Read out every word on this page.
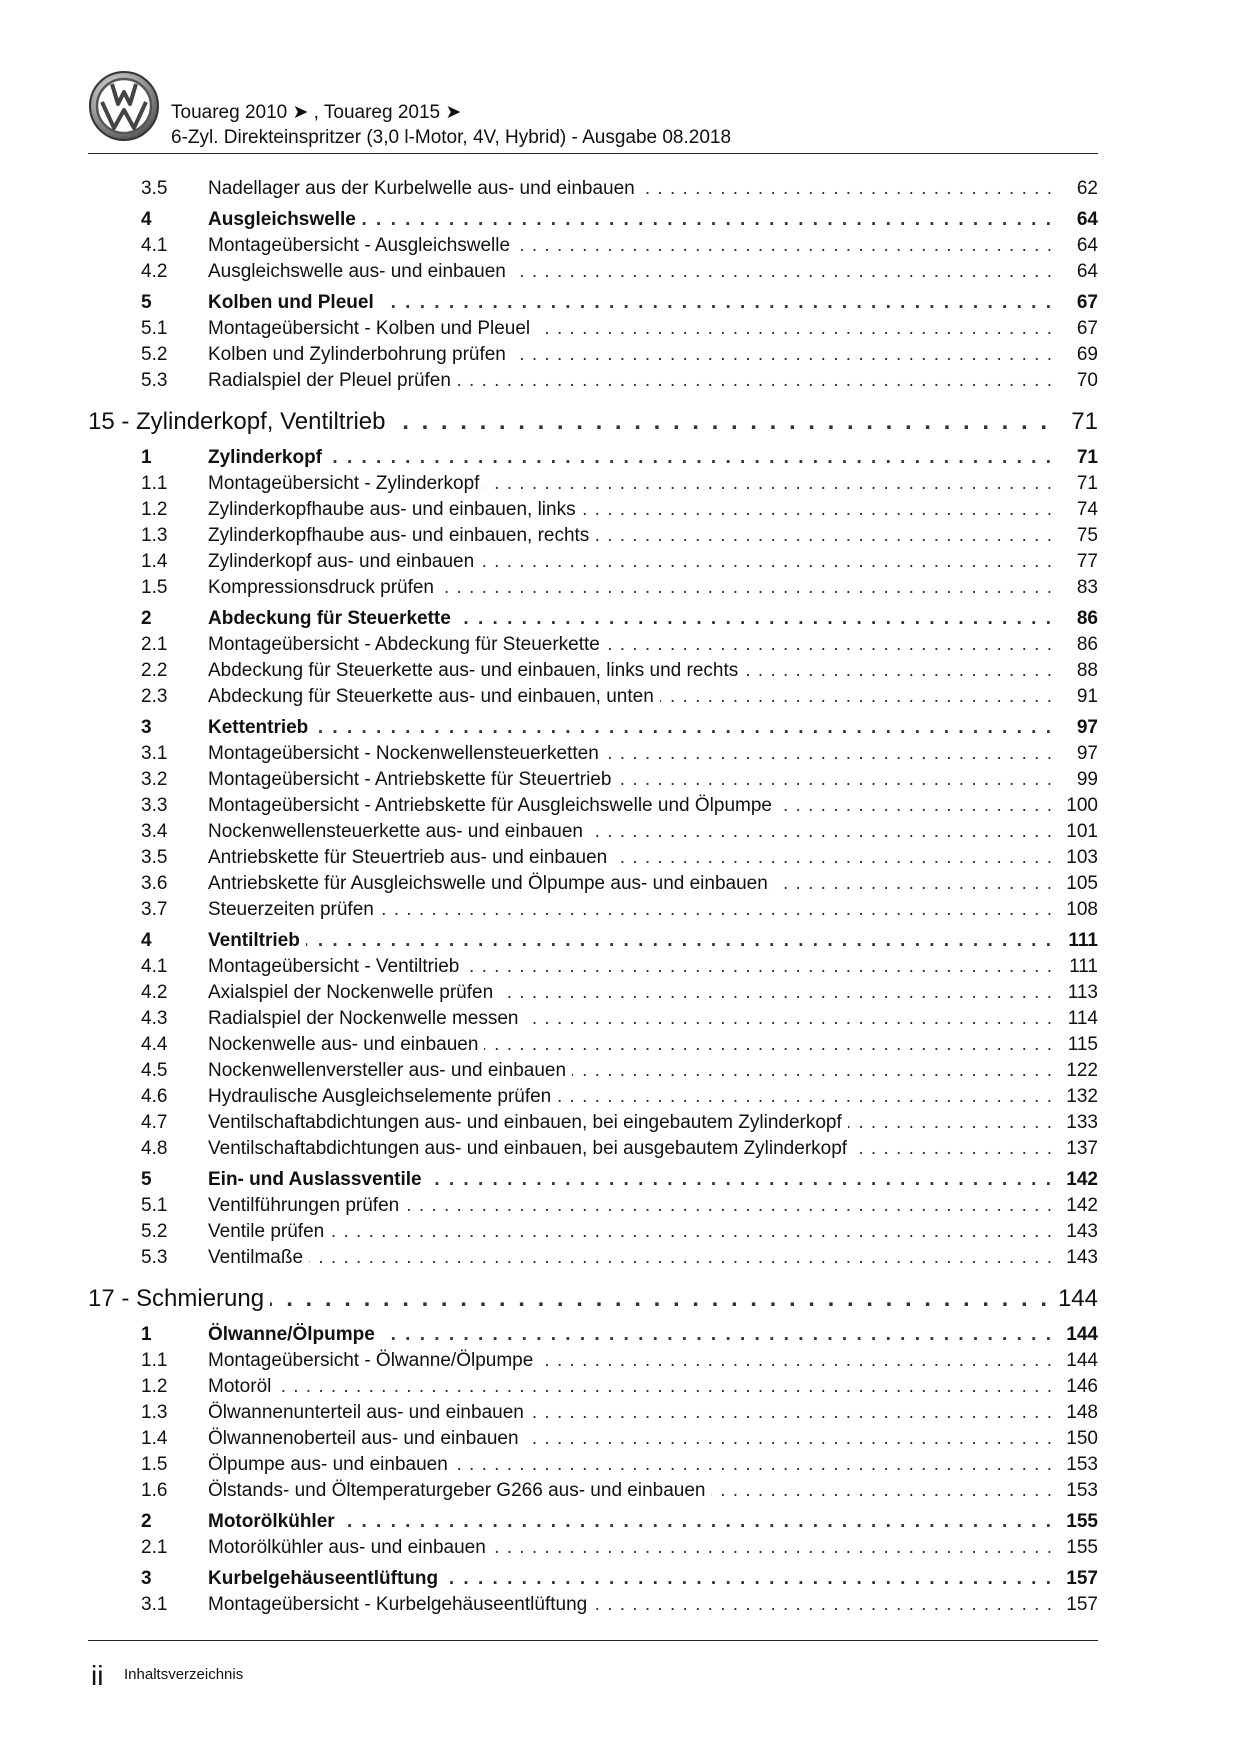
Touareg 2010 ➤ , Touareg 2015 ➤
6-Zyl. Direkteinspritzer (3,0 l-Motor, 4V, Hybrid) - Ausgabe 08.2018
3.5 Nadellager aus der Kurbelwelle aus- und einbauen . . .	62
4	Ausgleichswelle . . .	64
4.1 Montageübersicht - Ausgleichswelle . . .	64
4.2 Ausgleichswelle aus- und einbauen . . .	64
5	Kolben und Pleuel . . .	67
5.1 Montageübersicht - Kolben und Pleuel . . .	67
5.2 Kolben und Zylinderbohrung prüfen . . .	69
5.3 Radialspiel der Pleuel prüfen . . .	70
15 - Zylinderkopf, Ventiltrieb . . .	71
1	Zylinderkopf . . .	71
1.1 Montageübersicht - Zylinderkopf . . .	71
1.2 Zylinderkopfhaube aus- und einbauen, links . . .	74
1.3 Zylinderkopfhaube aus- und einbauen, rechts . . .	75
1.4 Zylinderkopf aus- und einbauen . . .	77
1.5 Kompressionsdruck prüfen . . .	83
2	Abdeckung für Steuerkette . . .	86
2.1 Montageübersicht - Abdeckung für Steuerkette . . .	86
2.2 Abdeckung für Steuerkette aus- und einbauen, links und rechts . . .	88
2.3 Abdeckung für Steuerkette aus- und einbauen, unten . . .	91
3	Kettentrieb . . .	97
3.1 Montageübersicht - Nockenwellensteuerketten . . .	97
3.2 Montageübersicht - Antriebskette für Steuertrieb . . .	99
3.3 Montageübersicht - Antriebskette für Ausgleichswelle und Ölpumpe . . .	100
3.4 Nockenwellensteuerkette aus- und einbauen . . .	101
3.5 Antriebskette für Steuertrieb aus- und einbauen . . .	103
3.6 Antriebskette für Ausgleichswelle und Ölpumpe aus- und einbauen . . .	105
3.7 Steuerzeiten prüfen . . .	108
4	Ventiltrieb . . .	111
4.1 Montageübersicht - Ventiltrieb . . .	111
4.2 Axialspiel der Nockenwelle prüfen . . .	113
4.3 Radialspiel der Nockenwelle messen . . .	114
4.4 Nockenwelle aus- und einbauen . . .	115
4.5 Nockenwellenversteller aus- und einbauen . . .	122
4.6 Hydraulische Ausgleichselemente prüfen . . .	132
4.7 Ventilschaftabdichtungen aus- und einbauen, bei eingebautem Zylinderkopf . . .	133
4.8 Ventilschaftabdichtungen aus- und einbauen, bei ausgebautem Zylinderkopf . . .	137
5	Ein- und Auslassventile . . .	142
5.1 Ventilführungen prüfen . . .	142
5.2 Ventile prüfen . . .	143
5.3 Ventilmaße . . .	143
17 - Schmierung . . .	144
1	Ölwanne/Ölpumpe . . .	144
1.1 Montageübersicht - Ölwanne/Ölpumpe . . .	144
1.2 Motoröl . . .	146
1.3 Ölwannenunterteil aus- und einbauen . . .	148
1.4 Ölwannenoberteil aus- und einbauen . . .	150
1.5 Ölpumpe aus- und einbauen . . .	153
1.6 Ölstands- und Öltemperaturgeber G266 aus- und einbauen . . .	153
2	Motorölkühler . . .	155
2.1 Motorölkühler aus- und einbauen . . .	155
3	Kurbelgehäuseentlüftung . . .	157
3.1 Montageübersicht - Kurbelgehäuseentlüftung . . .	157
ii Inhaltsverzeichnis
